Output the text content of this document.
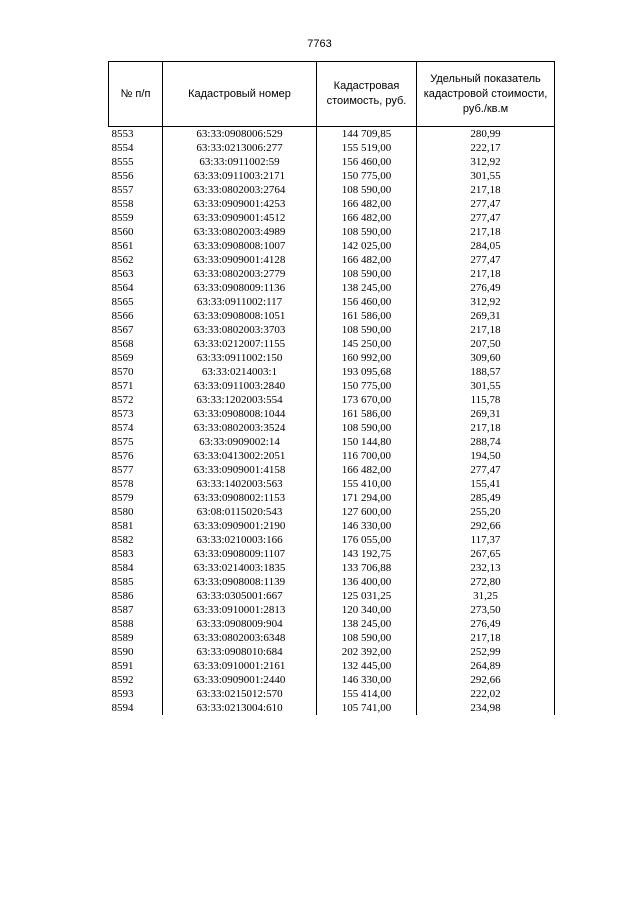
7763
№ п/п	Кадастровый номер	Кадастровая стоимость, руб.	Удельный показатель кадастровой стоимости, руб./кв.м
8553	63:33:0908006:529	144 709,85	280,99
8554	63:33:0213006:277	155 519,00	222,17
8555	63:33:0911002:59	156 460,00	312,92
8556	63:33:0911003:2171	150 775,00	301,55
8557	63:33:0802003:2764	108 590,00	217,18
8558	63:33:0909001:4253	166 482,00	277,47
8559	63:33:0909001:4512	166 482,00	277,47
8560	63:33:0802003:4989	108 590,00	217,18
8561	63:33:0908008:1007	142 025,00	284,05
8562	63:33:0909001:4128	166 482,00	277,47
8563	63:33:0802003:2779	108 590,00	217,18
8564	63:33:0908009:1136	138 245,00	276,49
8565	63:33:0911002:117	156 460,00	312,92
8566	63:33:0908008:1051	161 586,00	269,31
8567	63:33:0802003:3703	108 590,00	217,18
8568	63:33:0212007:1155	145 250,00	207,50
8569	63:33:0911002:150	160 992,00	309,60
8570	63:33:0214003:1	193 095,68	188,57
8571	63:33:0911003:2840	150 775,00	301,55
8572	63:33:1202003:554	173 670,00	115,78
8573	63:33:0908008:1044	161 586,00	269,31
8574	63:33:0802003:3524	108 590,00	217,18
8575	63:33:0909002:14	150 144,80	288,74
8576	63:33:0413002:2051	116 700,00	194,50
8577	63:33:0909001:4158	166 482,00	277,47
8578	63:33:1402003:563	155 410,00	155,41
8579	63:33:0908002:1153	171 294,00	285,49
8580	63:08:0115020:543	127 600,00	255,20
8581	63:33:0909001:2190	146 330,00	292,66
8582	63:33:0210003:166	176 055,00	117,37
8583	63:33:0908009:1107	143 192,75	267,65
8584	63:33:0214003:1835	133 706,88	232,13
8585	63:33:0908008:1139	136 400,00	272,80
8586	63:33:0305001:667	125 031,25	31,25
8587	63:33:0910001:2813	120 340,00	273,50
8588	63:33:0908009:904	138 245,00	276,49
8589	63:33:0802003:6348	108 590,00	217,18
8590	63:33:0908010:684	202 392,00	252,99
8591	63:33:0910001:2161	132 445,00	264,89
8592	63:33:0909001:2440	146 330,00	292,66
8593	63:33:0215012:570	155 414,00	222,02
8594	63:33:0213004:610	105 741,00	234,98
